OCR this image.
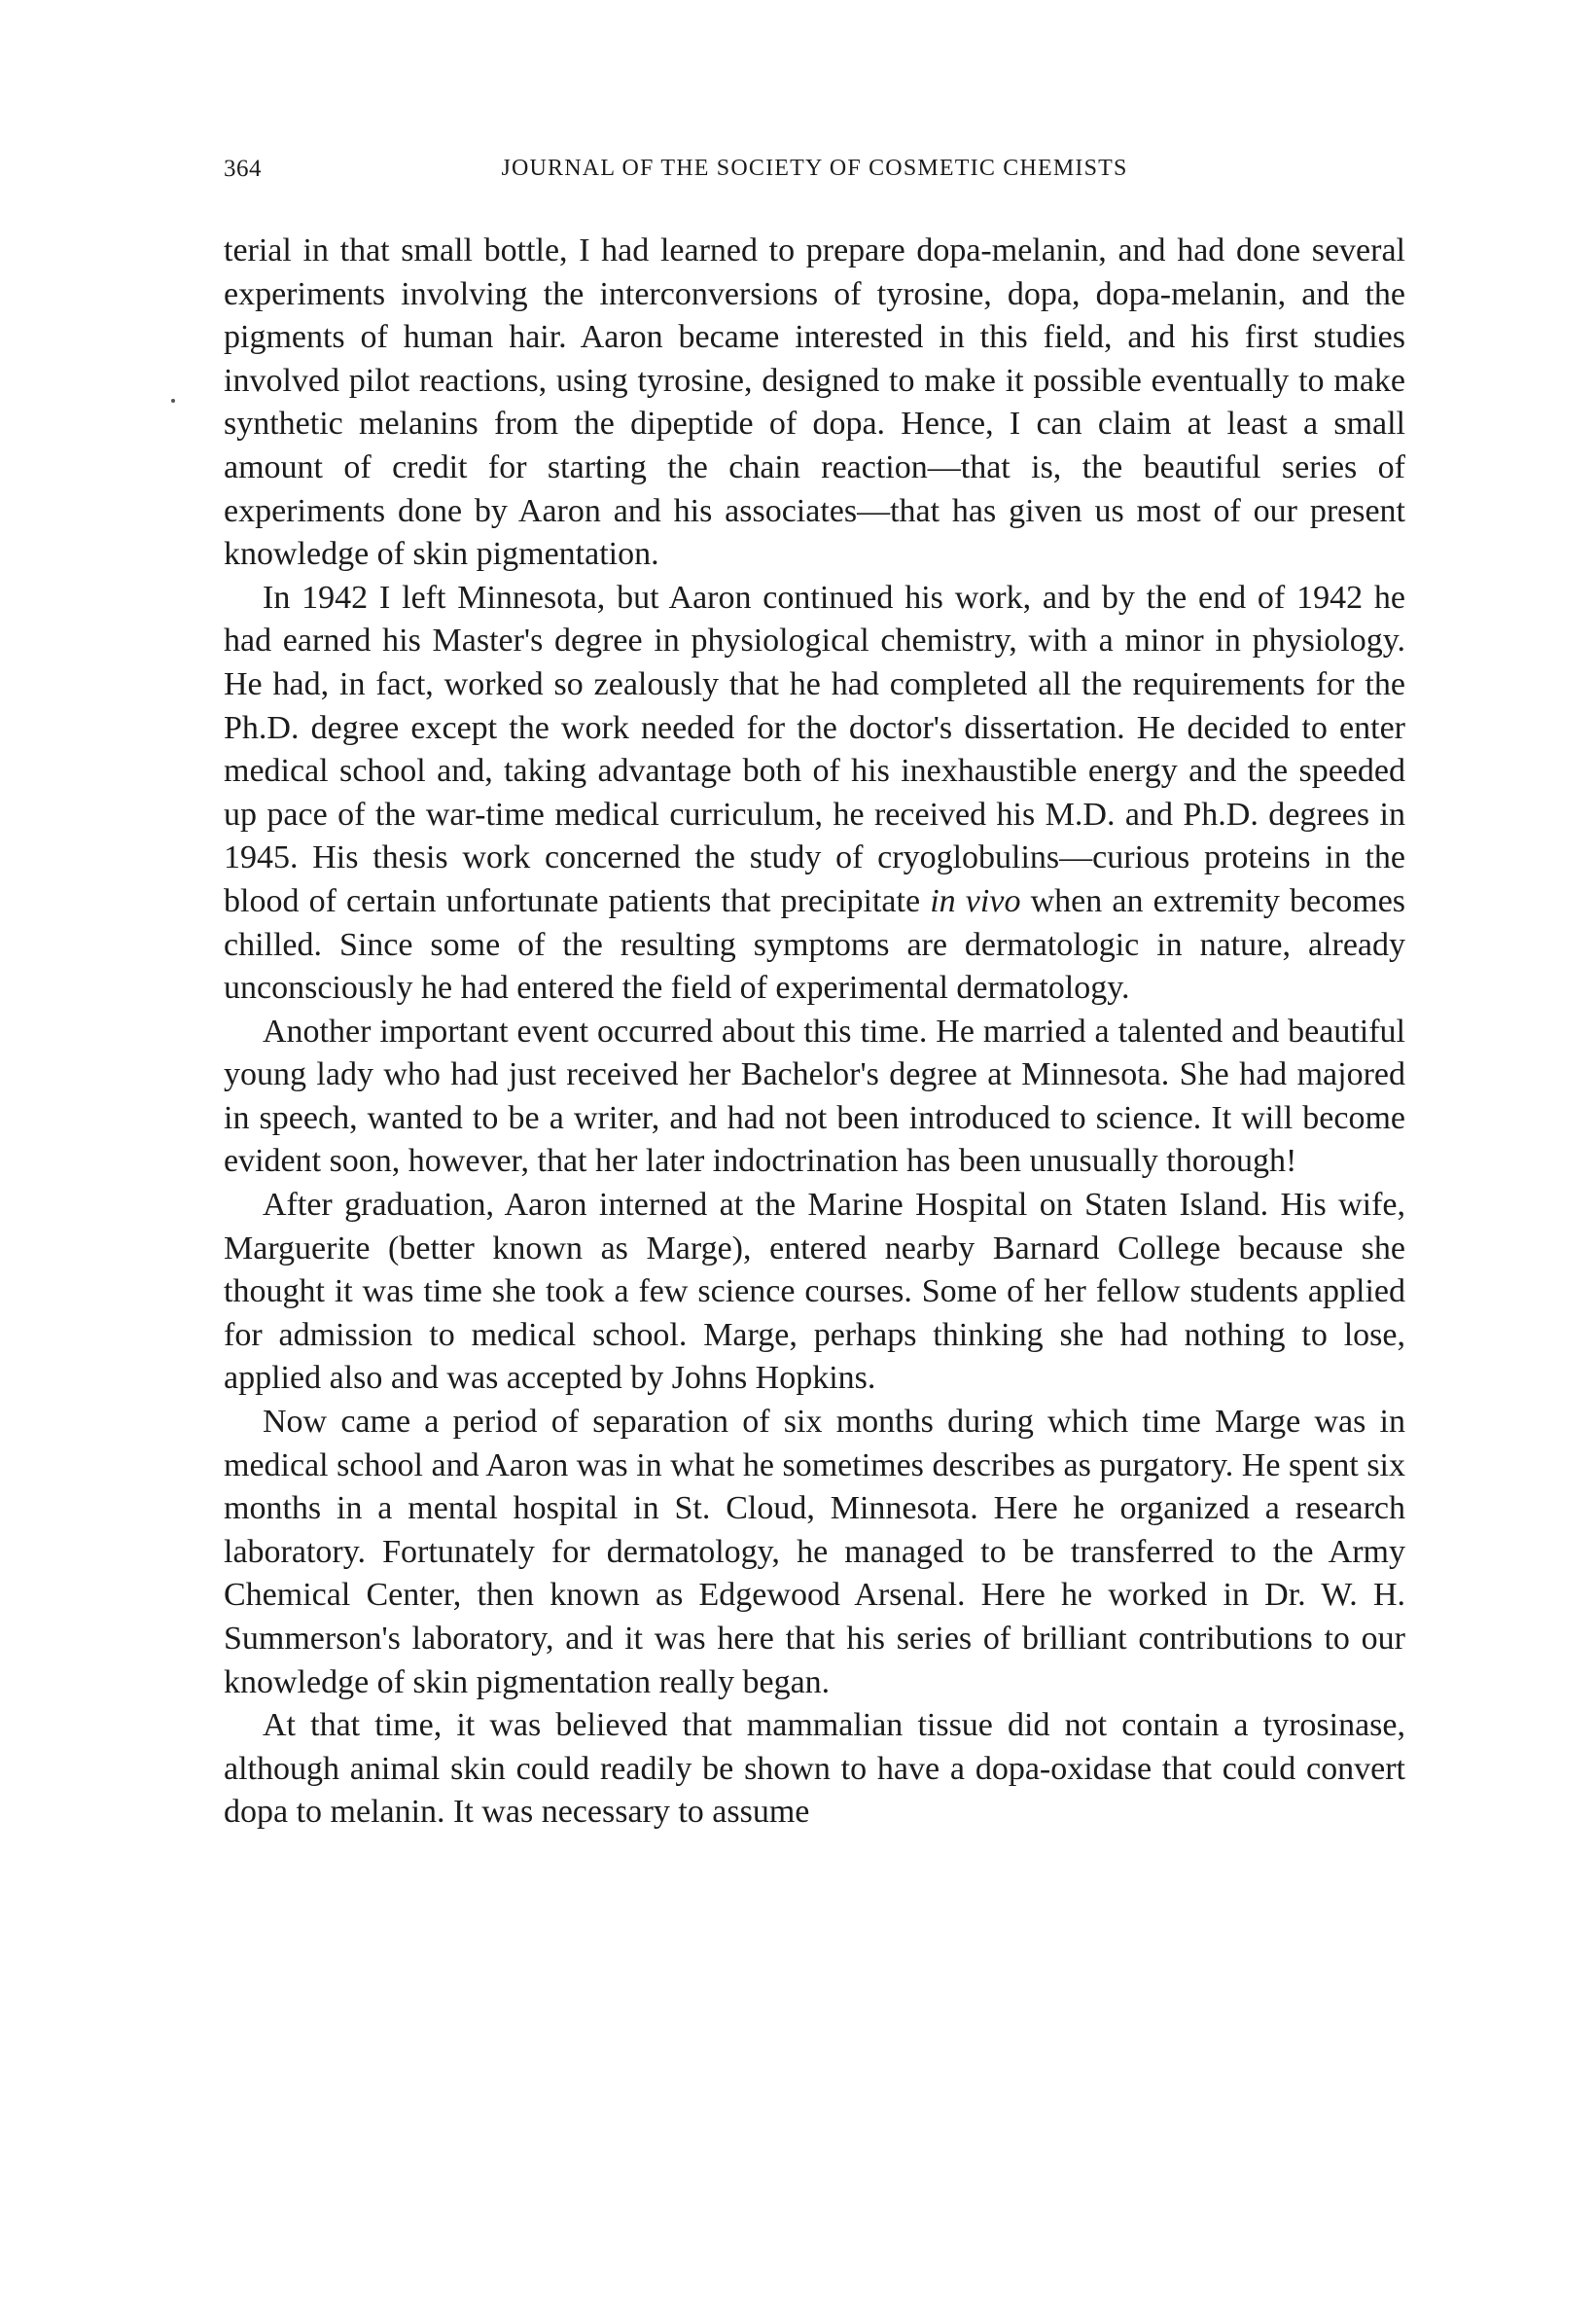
364	JOURNAL OF THE SOCIETY OF COSMETIC CHEMISTS

terial in that small bottle, I had learned to prepare dopa-melanin, and had done several experiments involving the interconversions of tyrosine, dopa, dopa-melanin, and the pigments of human hair. Aaron became interested in this field, and his first studies involved pilot reactions, using tyrosine, designed to make it possible eventually to make synthetic melanins from the dipeptide of dopa. Hence, I can claim at least a small amount of credit for starting the chain reaction—that is, the beautiful series of experiments done by Aaron and his associates—that has given us most of our present knowledge of skin pigmentation.

In 1942 I left Minnesota, but Aaron continued his work, and by the end of 1942 he had earned his Master's degree in physiological chemistry, with a minor in physiology. He had, in fact, worked so zealously that he had completed all the requirements for the Ph.D. degree except the work needed for the doctor's dissertation. He decided to enter medical school and, taking advantage both of his inexhaustible energy and the speeded up pace of the war-time medical curriculum, he received his M.D. and Ph.D. degrees in 1945. His thesis work concerned the study of cryoglobulins—curious proteins in the blood of certain unfortunate patients that precipitate in vivo when an extremity becomes chilled. Since some of the resulting symptoms are dermatologic in nature, already unconsciously he had entered the field of experimental dermatology.

Another important event occurred about this time. He married a talented and beautiful young lady who had just received her Bachelor's degree at Minnesota. She had majored in speech, wanted to be a writer, and had not been introduced to science. It will become evident soon, however, that her later indoctrination has been unusually thorough!

After graduation, Aaron interned at the Marine Hospital on Staten Island. His wife, Marguerite (better known as Marge), entered nearby Barnard College because she thought it was time she took a few science courses. Some of her fellow students applied for admission to medical school. Marge, perhaps thinking she had nothing to lose, applied also and was accepted by Johns Hopkins.

Now came a period of separation of six months during which time Marge was in medical school and Aaron was in what he sometimes describes as purgatory. He spent six months in a mental hospital in St. Cloud, Minnesota. Here he organized a research laboratory. Fortunately for dermatology, he managed to be transferred to the Army Chemical Center, then known as Edgewood Arsenal. Here he worked in Dr. W. H. Summerson's laboratory, and it was here that his series of brilliant contributions to our knowledge of skin pigmentation really began.

At that time, it was believed that mammalian tissue did not contain a tyrosinase, although animal skin could readily be shown to have a dopa-oxidase that could convert dopa to melanin. It was necessary to assume
